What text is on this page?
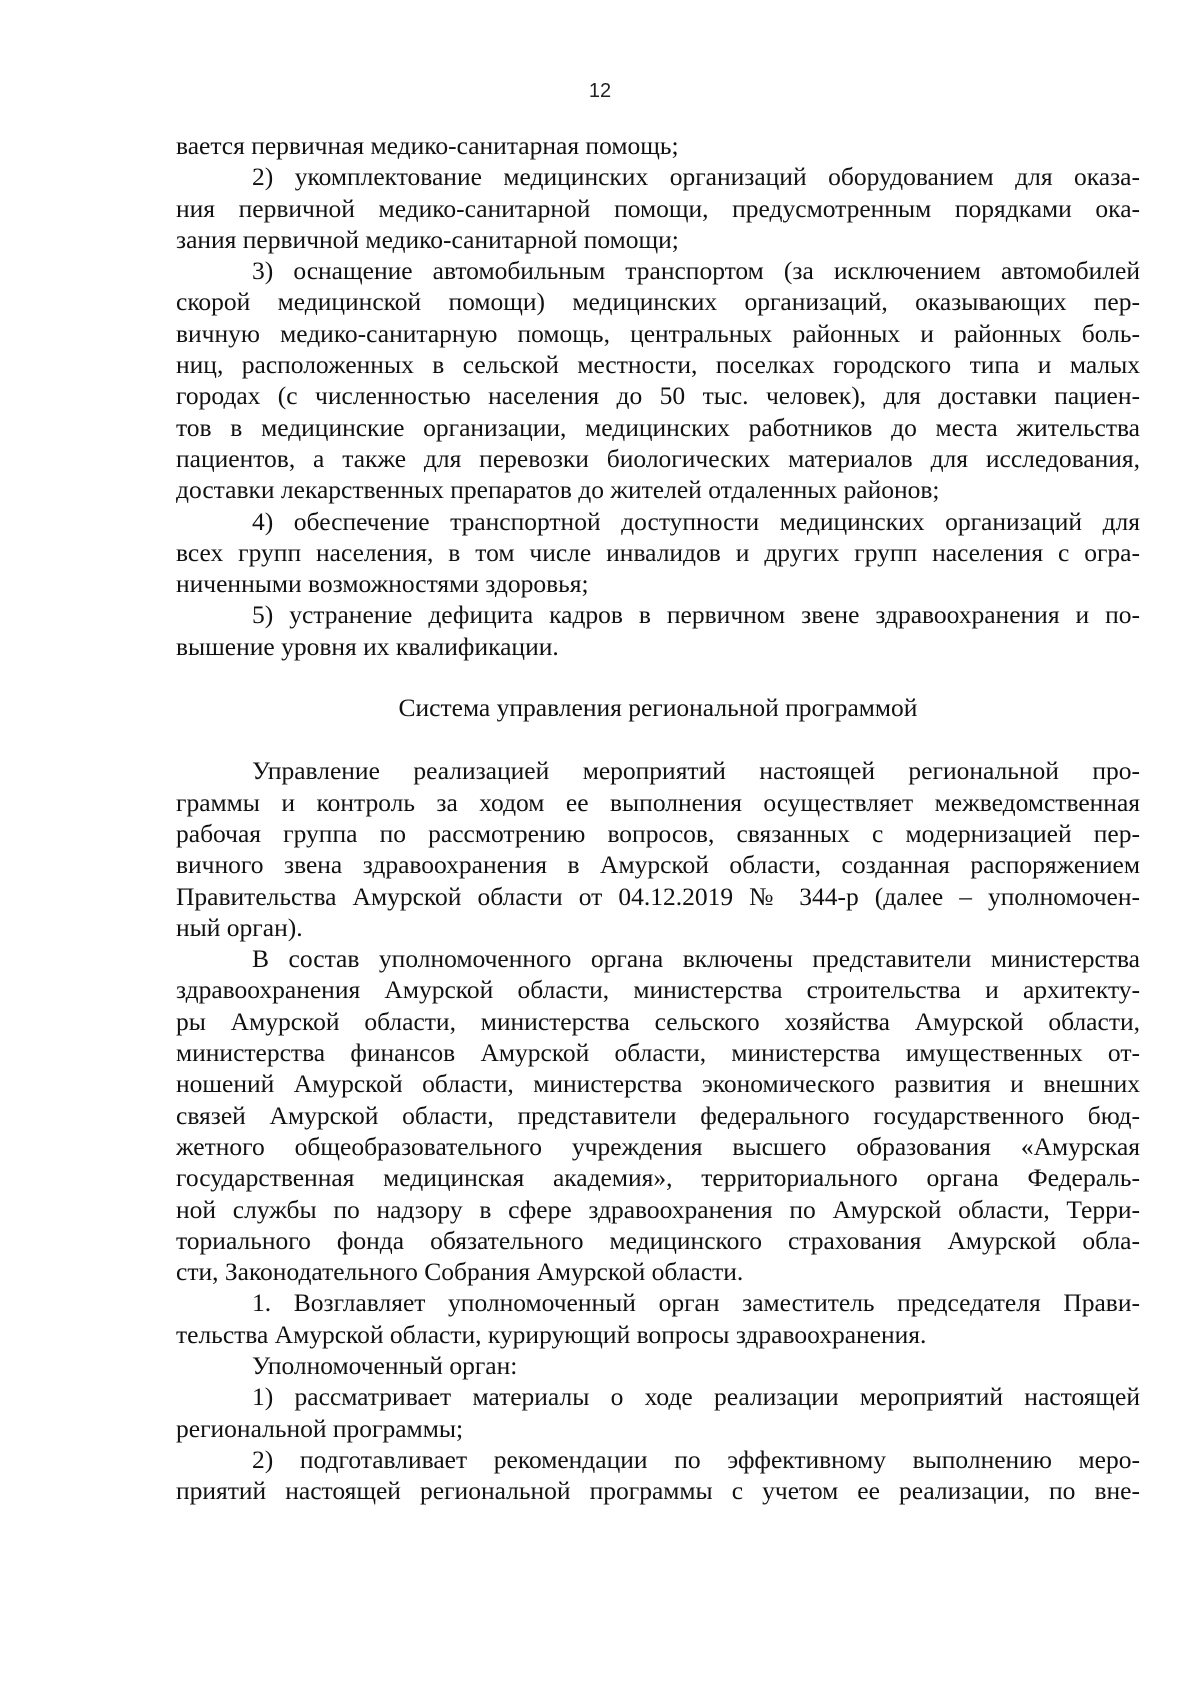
12
вается первичная медико-санитарная помощь;
2) укомплектование медицинских организаций оборудованием для оказа-
ния первичной медико-санитарной помощи, предусмотренным порядками ока-
зания первичной медико-санитарной помощи;
3) оснащение автомобильным транспортом (за исключением автомобилей
скорой медицинской помощи) медицинских организаций, оказывающих пер-
вичную медико-санитарную помощь, центральных районных и районных боль-
ниц, расположенных в сельской местности, поселках городского типа и малых
городах (с численностью населения до 50 тыс. человек), для доставки пациен-
тов в медицинские организации, медицинских работников до места жительства
пациентов, а также для перевозки биологических материалов для исследования,
доставки лекарственных препаратов до жителей отдаленных районов;
4) обеспечение транспортной доступности медицинских организаций для
всех групп населения, в том числе инвалидов и других групп населения с огра-
ниченными возможностями здоровья;
5) устранение дефицита кадров в первичном звене здравоохранения и по-
вышение уровня их квалификации.
Система управления региональной программой
Управление реализацией мероприятий настоящей региональной про-
граммы и контроль за ходом ее выполнения осуществляет межведомственная
рабочая группа по рассмотрению вопросов, связанных с модернизацией пер-
вичного звена здравоохранения в Амурской области, созданная распоряжением
Правительства Амурской области от 04.12.2019 № 344-р (далее – уполномочен-
ный орган).
В состав уполномоченного органа включены представители министерства
здравоохранения Амурской области, министерства строительства и архитекту-
ры Амурской области, министерства сельского хозяйства Амурской области,
министерства финансов Амурской области, министерства имущественных от-
ношений Амурской области, министерства экономического развития и внешних
связей Амурской области, представители федерального государственного бюд-
жетного общеобразовательного учреждения высшего образования «Амурская
государственная медицинская академия», территориального органа Федераль-
ной службы по надзору в сфере здравоохранения по Амурской области, Терри-
ториального фонда обязательного медицинского страхования Амурской обла-
сти, Законодательного Собрания Амурской области.
1. Возглавляет уполномоченный орган заместитель председателя Прави-
тельства Амурской области, курирующий вопросы здравоохранения.
Уполномоченный орган:
1) рассматривает материалы о ходе реализации мероприятий настоящей
региональной программы;
2) подготавливает рекомендации по эффективному выполнению меро-
приятий настоящей региональной программы с учетом ее реализации, по вне-
